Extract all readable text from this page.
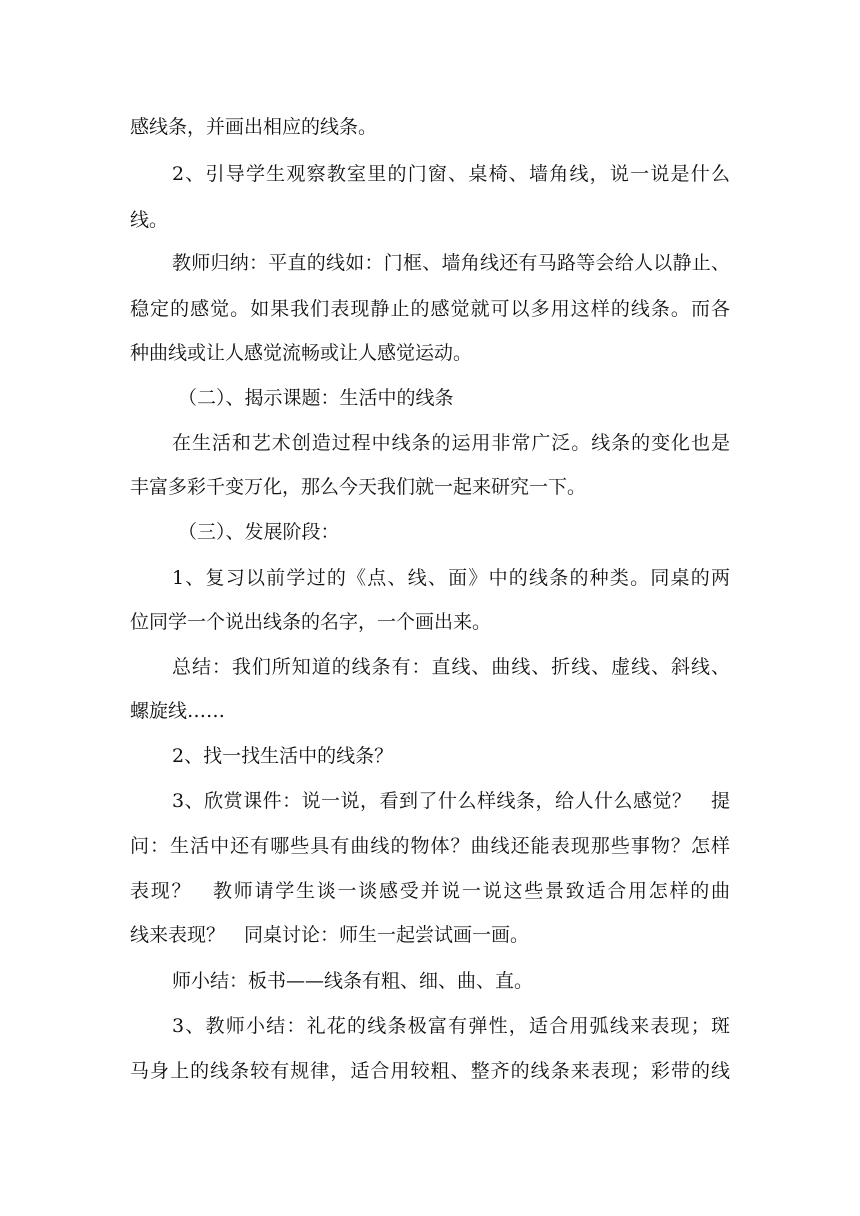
感线条，并画出相应的线条。
2、引导学生观察教室里的门窗、桌椅、墙角线，说一说是什么
线。
教师归纳：平直的线如：门框、墙角线还有马路等会给人以静止、
稳定的感觉。如果我们表现静止的感觉就可以多用这样的线条。而各
种曲线或让人感觉流畅或让人感觉运动。
（二）、揭示课题：生活中的线条
在生活和艺术创造过程中线条的运用非常广泛。线条的变化也是
丰富多彩千变万化，那么今天我们就一起来研究一下。
（三）、发展阶段：
1、复习以前学过的《点、线、面》中的线条的种类。同桌的两
位同学一个说出线条的名字，一个画出来。
总结：我们所知道的线条有：直线、曲线、折线、虚线、斜线、
螺旋线……
2、找一找生活中的线条？
3、欣赏课件：说一说，看到了什么样线条，给人什么感觉？　提
问：生活中还有哪些具有曲线的物体？曲线还能表现那些事物？怎样
表现？　教师请学生谈一谈感受并说一说这些景致适合用怎样的曲
线来表现？　同桌讨论：师生一起尝试画一画。
师小结：板书——线条有粗、细、曲、直。
3、教师小结：礼花的线条极富有弹性，适合用弧线来表现；斑
马身上的线条较有规律，适合用较粗、整齐的线条来表现；彩带的线
